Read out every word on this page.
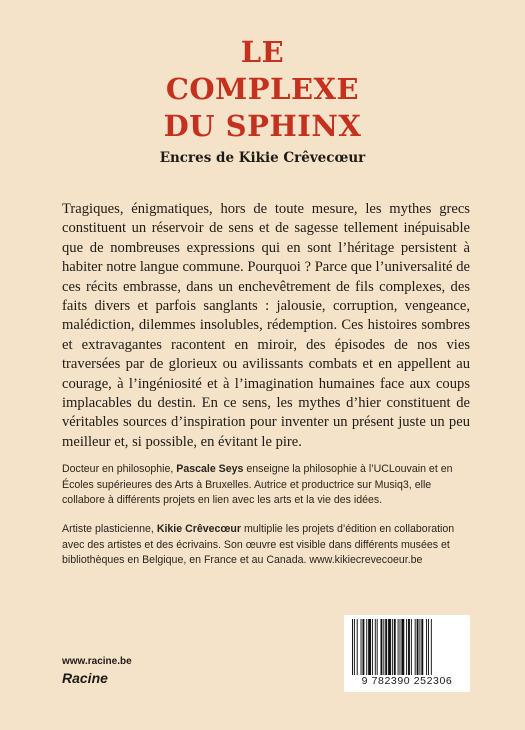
LE
COMPLEXE
DU SPHINX
Encres de Kikie Crêvecœur
Tragiques, énigmatiques, hors de toute mesure, les mythes grecs constituent un réservoir de sens et de sagesse tellement inépuisable que de nombreuses expressions qui en sont l’héritage persistent à habiter notre langue commune. Pourquoi ? Parce que l’universalité de ces récits embrasse, dans un enchevêtrement de fils complexes, des faits divers et parfois sanglants : jalousie, corruption, vengeance, malédiction, dilemmes insolubles, rédemption. Ces histoires sombres et extravagantes racontent en miroir, des épisodes de nos vies traversées par de glorieux ou avilissants combats et en appellent au courage, à l’ingéniosité et à l’imagination humaines face aux coups implacables du destin. En ce sens, les mythes d’hier constituent de véritables sources d’inspiration pour inventer un présent juste un peu meilleur et, si possible, en évitant le pire.
Docteur en philosophie, Pascale Seys enseigne la philosophie à l’UCLouvain et en Écoles supérieures des Arts à Bruxelles. Autrice et productrice sur Musiq3, elle collabore à différents projets en lien avec les arts et la vie des idées.
Artiste plasticienne, Kikie Crêvecœur multiplie les projets d’édition en collaboration avec des artistes et des écrivains. Son œuvre est visible dans différents musées et bibliothèques en Belgique, en France et au Canada. www.kikiecrevecoeur.be
www.racine.be
Racine	9 782390 252306
